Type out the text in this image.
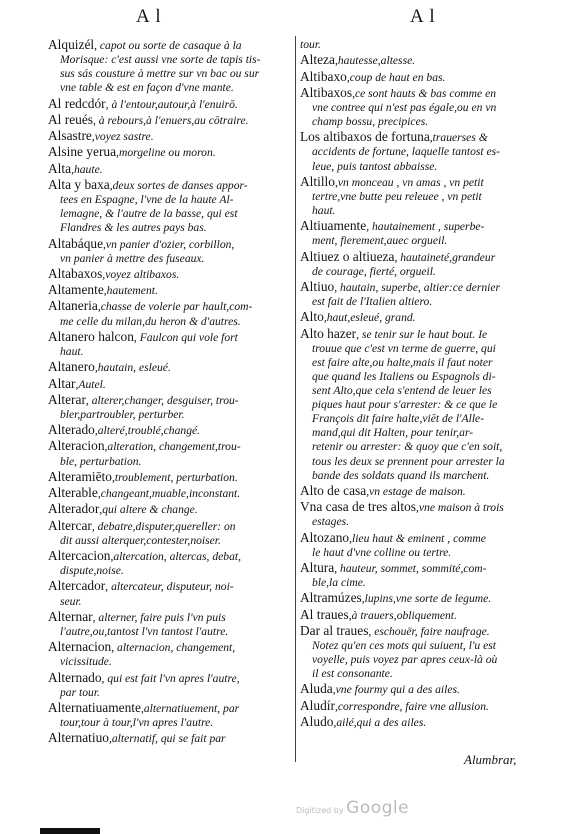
A l	A l
Alquizél, capot ou sorte de casaque à la
Morisque: c'est aussi vne sorte de tapis tis-
sus sás cousture à mettre sur vn bac ou sur
vne table & est en façon d'vne mante.
Al redcdór, à l'entour,autour,à l'enuirō.
Al reués, à rebours,à l'enuers,au cōtraire.
Alsastre,voyez sastre.
Alsine yerua,morgeline ou moron.
Alta,haute.
Alta y baxa,deux sortes de danses appor-
tees en Espagne, l'vne de la haute Al-
lemagne, & l'autre de la basse, qui est
Flandres & les autres pays bas.
Altabáque,vn panier d'ozier, corbillon,
vn panier à mettre des fuseaux.
Altabaxos,voyez altibaxos.
Altamente,hautement.
Altaneria,chasse de volerie par hault,com-
me celle du milan,du heron & d'autres.
Altanero halcon, Faulcon qui vole fort
haut.
Altanero,hautain, esleué.
Altar,Autel.
Alterar, alterer,changer, desguiser, trou-
bler,partroubler, perturber.
Alterado,alteré,troublé,changé.
Alteracion,alteration, changement,trou-
ble, perturbation.
Alteramiēto,troublement, perturbation.
Alterable,changeant,muable,inconstant.
Alterador,qui altere & change.
Altercar, debatre,disputer,quereller: on
dit aussi alterquer,contester,noiser.
Altercacion,altercation, altercas, debat,
dispute,noise.
Altercador, altercateur, disputeur, noi-
seur.
Alternar, alterner, faire puis l'vn puis
l'autre,ou,tantost l'vn tantost l'autre.
Alternacion, alternacion, changement,
vicissitude.
Alternado, qui est fait l'vn apres l'autre,
par tour.
Alternatiuamente,alternatiuement, par
tour,tour à tour,l'vn apres l'autre.
Alternatiuo,alternatif, qui se fait par
tour.
Alteza,hautesse,altesse.
Altibaxo,coup de haut en bas.
Altibaxos,ce sont hauts & bas comme en
vne contree qui n'est pas égale,ou en vn
champ bossu, precipices.
Los altibaxos de fortuna,trauerses &
accidents de fortune, laquelle tantost es-
leue, puis tantost abbaisse.
Altillo,vn monceau , vn amas , vn petit
tertre,vne butte peu releuee , vn petit
haut.
Altiuamente, hautainement , superbe-
ment, fierement,auec orgueil.
Altiuez o altiueza, hautaineté,grandeur
de courage, fierté, orgueil.
Altiuo, hautain, superbe, altier:ce dernier
est fait de l'Italien altiero.
Alto,haut,esleué, grand.
Alto hazer, se tenir sur le haut bout. Ie
trouue que c'est vn terme de guerre, qui
est faire alte,ou halte,mais il faut noter
que quand les Italiens ou Espagnols di-
sent Alto,que cela s'entend de leuer les
piques haut pour s'arrester: & ce que le
François dit faire halte,viēt de l'Alle-
mand,qui dit Halten, pour tenir,ar-
retenir ou arrester: & quoy que c'en soit,
tous les deux se prennent pour arrester la
bande des soldats quand ils marchent.
Alto de casa,vn estage de maison.
Vna casa de tres altos,vne maison à trois
estages.
Altozano,lieu haut & eminent , comme
le haut d'vne colline ou tertre.
Altura, hauteur, sommet, sommité,com-
ble,la cime.
Altramúzes,lupins,vne sorte de legume.
Al traues,à trauers,obliquement.
Dar al traues, eschouër, faire naufrage.
Notez qu'en ces mots qui suiuent, l'u est
voyelle, puis voyez par apres ceux-là où
il est consonante.
Aluda,vne fourmy qui a des ailes.
Aludír,correspondre, faire vne allusion.
Aludo,ailé,qui a des ailes.
Alumbrar,
Digitized by Google
